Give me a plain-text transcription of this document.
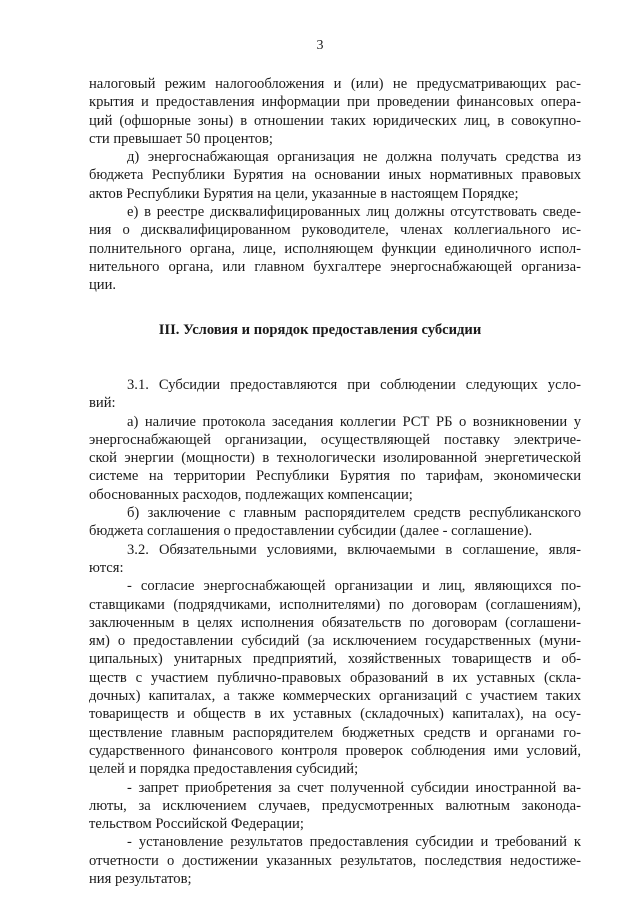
3
налоговый режим налогообложения и (или) не предусматривающих рас-
крытия и предоставления информации при проведении финансовых опера-
ций (офшорные зоны) в отношении таких юридических лиц, в совокупно-
сти превышает 50 процентов;
д) энергоснабжающая организация не должна получать средства из
бюджета Республики Бурятия на основании иных нормативных правовых
актов Республики Бурятия на цели, указанные в настоящем Порядке;
е) в реестре дисквалифицированных лиц должны отсутствовать сведе-
ния о дисквалифицированном руководителе, членах коллегиального ис-
полнительного органа, лице, исполняющем функции единоличного испол-
нительного органа, или главном бухгалтере энергоснабжающей организа-
ции.
III. Условия и порядок предоставления субсидии
3.1. Субсидии предоставляются при соблюдении следующих усло-
вий:
а) наличие протокола заседания коллегии РСТ РБ о возникновении у
энергоснабжающей организации, осуществляющей поставку электриче-
ской энергии (мощности) в технологически изолированной энергетической
системе на территории Республики Бурятия по тарифам, экономически
обоснованных расходов, подлежащих компенсации;
б) заключение с главным распорядителем средств республиканского
бюджета соглашения о предоставлении субсидии (далее - соглашение).
3.2. Обязательными условиями, включаемыми в соглашение, явля-
ются:
- согласие энергоснабжающей организации и лиц, являющихся по-
ставщиками (подрядчиками, исполнителями) по договорам (соглашениям),
заключенным в целях исполнения обязательств по договорам (соглашени-
ям) о предоставлении субсидий (за исключением государственных (муни-
ципальных) унитарных предприятий, хозяйственных товариществ и об-
ществ с участием публично-правовых образований в их уставных (скла-
дочных) капиталах, а также коммерческих организаций с участием таких
товариществ и обществ в их уставных (складочных) капиталах), на осу-
ществление главным распорядителем бюджетных средств и органами го-
сударственного финансового контроля проверок соблюдения ими условий,
целей и порядка предоставления субсидий;
- запрет приобретения за счет полученной субсидии иностранной ва-
люты, за исключением случаев, предусмотренных валютным законода-
тельством Российской Федерации;
- установление результатов предоставления субсидии и требований к
отчетности о достижении указанных результатов, последствия недостиже-
ния результатов;
